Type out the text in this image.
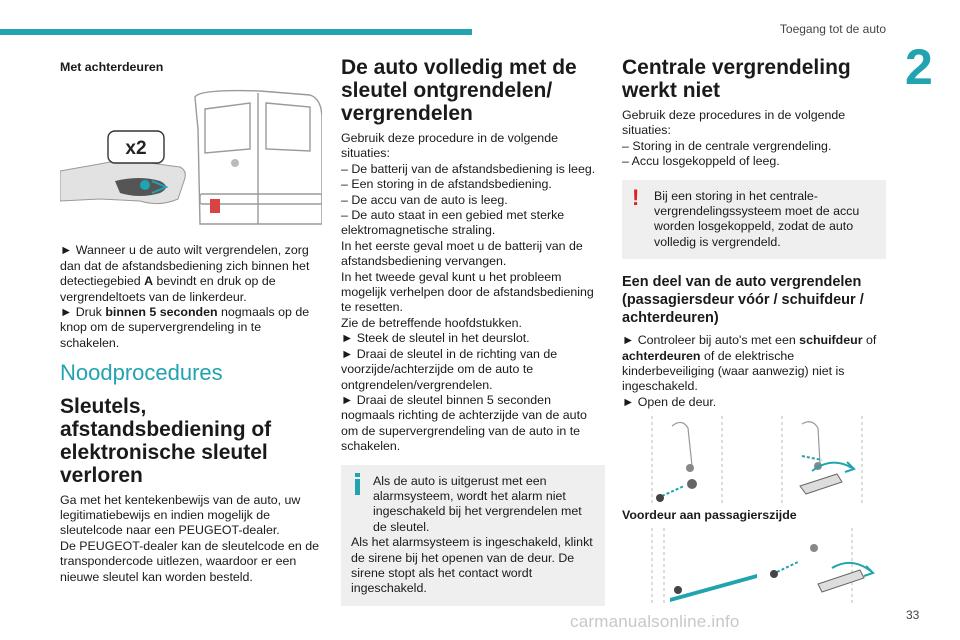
Toegang tot de auto
2
33
carmanualsonline.info

Met achterdeuren

x2

► Wanneer u de auto wilt vergrendelen, zorg dan dat de afstandsbediening zich binnen het detectiegebied A bevindt en druk op de vergrendeltoets van de linkerdeur.

► Druk binnen 5 seconden nogmaals op de knop om de supervergrendeling in te schakelen.

Noodprocedures

Sleutels, afstandsbediening of elektronische sleutel verloren

Ga met het kentekenbewijs van de auto, uw legitimatiebewijs en indien mogelijk de sleutelcode naar een PEUGEOT-dealer.

De PEUGEOT-dealer kan de sleutelcode en de transpondercode uitlezen, waardoor er een nieuwe sleutel kan worden besteld.

De auto volledig met de sleutel ontgrendelen/ vergrendelen

Gebruik deze procedure in de volgende situaties:

– De batterij van de afstandsbediening is leeg.

– Een storing in de afstandsbediening.

– De accu van de auto is leeg.

– De auto staat in een gebied met sterke elektromagnetische straling.

In het eerste geval moet u de batterij van de afstandsbediening vervangen.

In het tweede geval kunt u het probleem mogelijk verhelpen door de afstandsbediening te resetten.

Zie de betreffende hoofdstukken.

► Steek de sleutel in het deurslot.

► Draai de sleutel in de richting van de voorzijde/achterzijde om de auto te ontgrendelen/vergrendelen.

► Draai de sleutel binnen 5 seconden nogmaals richting de achterzijde van de auto om de supervergrendeling van de auto in te schakelen.

Als de auto is uitgerust met een alarmsysteem, wordt het alarm niet ingeschakeld bij het vergrendelen met de sleutel.

Als het alarmsysteem is ingeschakeld, klinkt de sirene bij het openen van de deur. De sirene stopt als het contact wordt ingeschakeld.

Centrale vergrendeling werkt niet

Gebruik deze procedures in de volgende situaties:

– Storing in de centrale vergrendeling.

– Accu losgekoppeld of leeg.

!	Bij een storing in het centrale-vergrendelingssysteem moet de accu worden losgekoppeld, zodat de auto volledig is vergrendeld.

Een deel van de auto vergrendelen (passagiersdeur vóór / schuifdeur / achterdeuren)

► Controleer bij auto's met een schuifdeur of achterdeuren of de elektrische kinderbeveiliging (waar aanwezig) niet is ingeschakeld.

► Open de deur.

Voordeur aan passagierszijde
